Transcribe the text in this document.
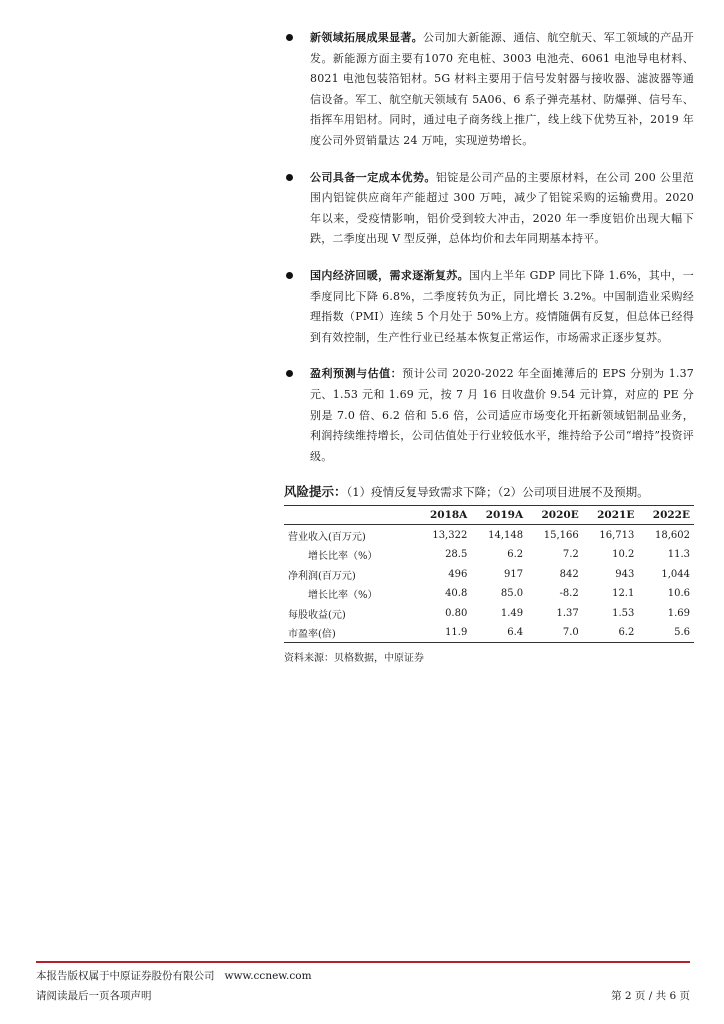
新领域拓展成果显著。公司加大新能源、通信、航空航天、军工领域的产品开发。新能源方面主要有1070 充电桩、3003 电池壳、6061 电池导电材料、8021 电池包装箔铝材。5G 材料主要用于信号发射器与接收器、滤波器等通信设备。军工、航空航天领域有 5A06、6 系子弹壳基材、防爆弹、信号车、指挥车用铝材。同时，通过电子商务线上推广，线上线下优势互补，2019 年度公司外贸销量达 24 万吨，实现逆势增长。
公司具备一定成本优势。铝锭是公司产品的主要原材料，在公司 200 公里范围内铝锭供应商年产能超过 300 万吨，减少了铝锭采购的运输费用。2020 年以来，受疫情影响，铝价受到较大冲击，2020 年一季度铝价出现大幅下跌，二季度出现 V 型反弹，总体均价和去年同期基本持平。
国内经济回暖，需求逐渐复苏。国内上半年 GDP 同比下降 1.6%，其中，一季度同比下降 6.8%，二季度转负为正，同比增长 3.2%。中国制造业采购经理指数（PMI）连续 5 个月处于 50%上方。疫情随偶有反复，但总体已经得到有效控制，生产性行业已经基本恢复正常运作，市场需求正逐步复苏。
盈利预测与估值：预计公司 2020-2022 年全面摊薄后的 EPS 分别为 1.37 元、1.53 元和 1.69 元，按 7 月 16 日收盘价 9.54 元计算，对应的 PE 分别是 7.0 倍、6.2 倍和 5.6 倍，公司适应市场变化开拓新领域铝制品业务，利润持续维持增长，公司估值处于行业较低水平，维持给予公司“增持”投资评级。
风险提示：（1）疫情反复导致需求下降；（2）公司项目进展不及预期。
	2018A	2019A	2020E	2021E	2022E
营业收入(百万元)	13,322	14,148	15,166	16,713	18,602
增长比率（%）	28.5	6.2	7.2	10.2	11.3
净利润(百万元)	496	917	842	943	1,044
增长比率（%）	40.8	85.0	-8.2	12.1	10.6
每股收益(元)	0.80	1.49	1.37	1.53	1.69
市盈率(倍)	11.9	6.4	7.0	6.2	5.6
资料来源：贝格数据，中原证券
本报告版权属于中原证券股份有限公司 www.ccnew.com
请阅读最后一页各项声明	第 2 页 / 共 6 页
